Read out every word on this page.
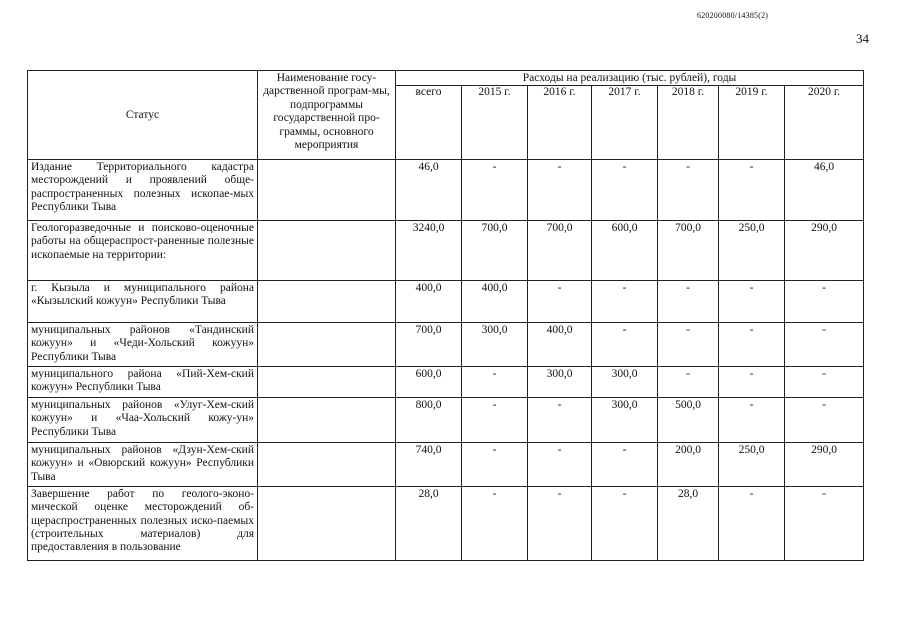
620200080/14385(2)
34
Статус	Наименование госу-дарственной програм-мы, подпрограммы государственной про-граммы, основного мероприятия	Расходы на реализацию (тыс. рублей), годы						
		всего	2015 г.	2016 г.	2017 г.	2018 г.	2019 г.	2020 г.
Издание Территориального кадастра месторождений и проявлений обще-распространенных полезных ископае-мых Республики Тыва		46,0	-	-	-	-	-	46,0
Геологоразведочные и поисково-оценочные работы на общераспрост-раненные полезные ископаемые на территории:		3240,0	700,0	700,0	600,0	700,0	250,0	290,0
г. Кызыла и муниципального района «Кызылский кожуун» Республики Тыва		400,0	400,0	-	-	-	-	-
муниципальных районов «Тандинский кожуун» и «Чеди-Хольский кожуун» Республики Тыва		700,0	300,0	400,0	-	-	-	-
муниципального района «Пий-Хем-ский кожуун» Республики Тыва		600,0	-	300,0	300,0	-	-	-
муниципальных районов «Улуг-Хем-ский кожуун» и «Чаа-Хольский кожу-ун» Республики Тыва		800,0	-	-	300,0	500,0	-	-
муниципальных районов «Дзун-Хем-ский кожуун» и «Овюрский кожуун» Республики Тыва		740,0	-	-	-	200,0	250,0	290,0
Завершение работ по геолого-эконо-мической оценке месторождений об-щераспространенных полезных иско-паемых (строительных материалов) для предоставления в пользование		28,0	-	-	-	28,0	-	-
